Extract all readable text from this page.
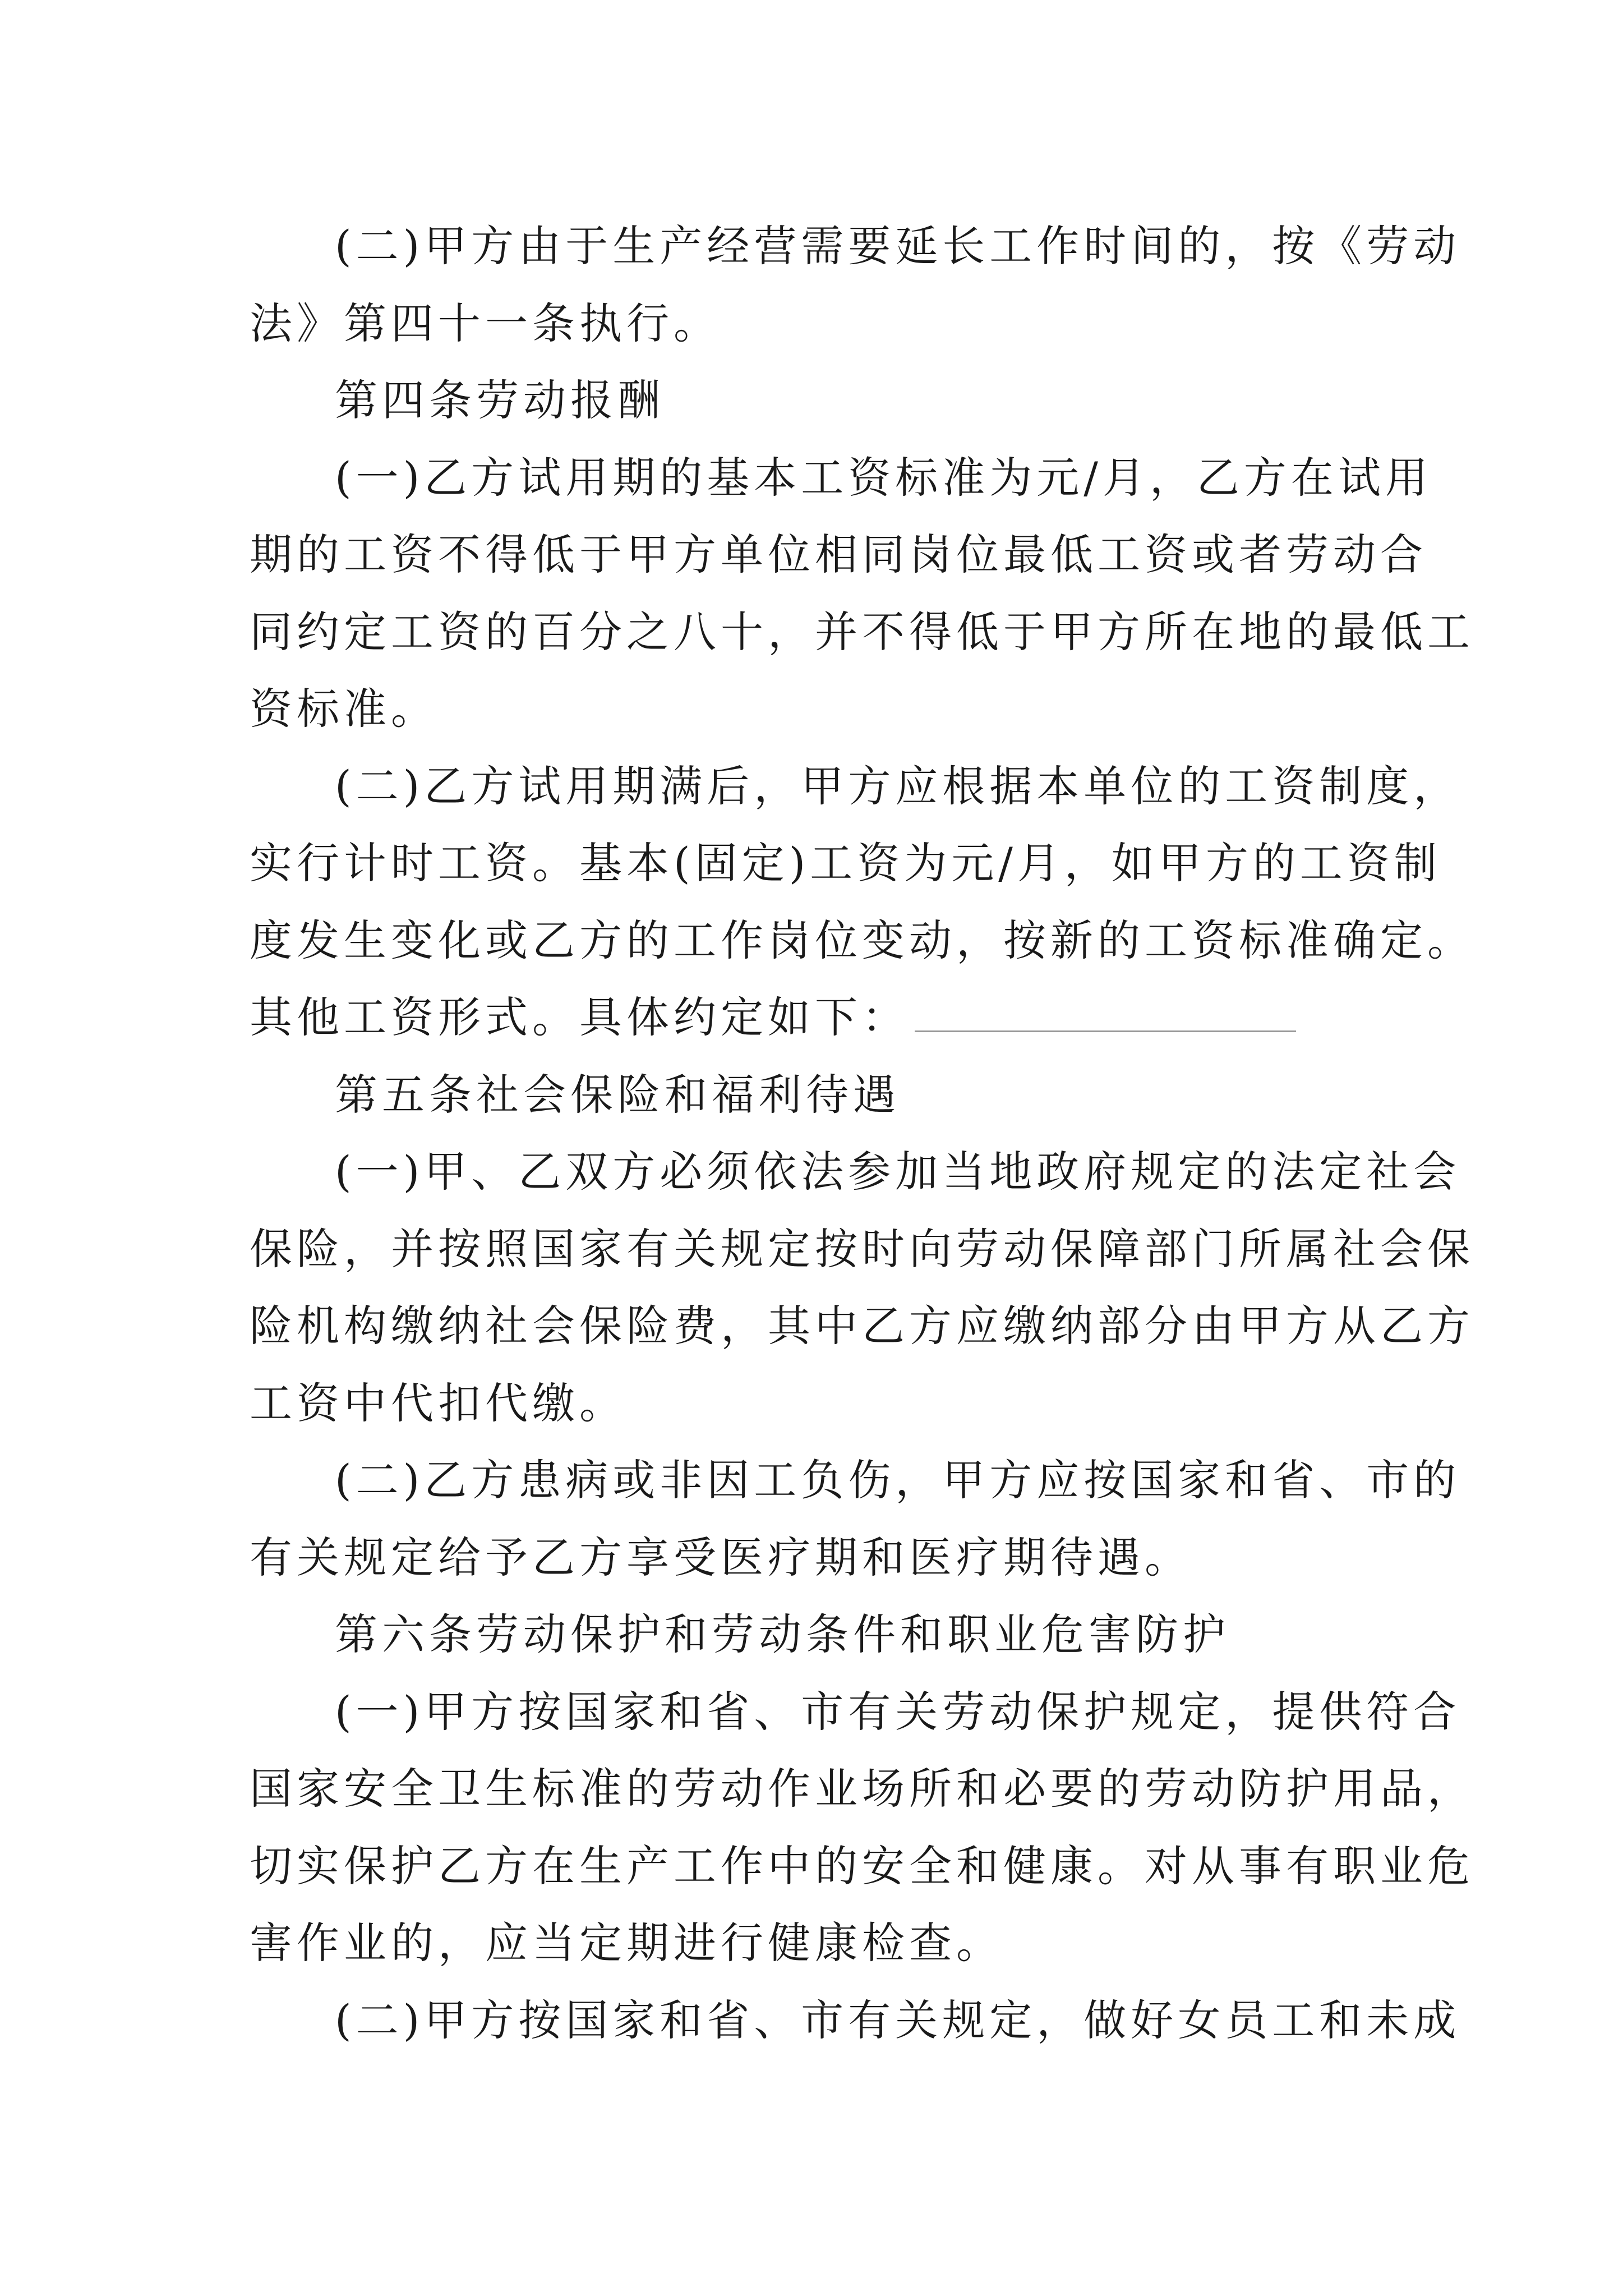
(二)甲方由于生产经营需要延长工作时间的，按《劳动
法》第四十一条执行。
第四条劳动报酬
(一)乙方试用期的基本工资标准为元/月，乙方在试用
期的工资不得低于甲方单位相同岗位最低工资或者劳动合
同约定工资的百分之八十，并不得低于甲方所在地的最低工
资标准。
(二)乙方试用期满后，甲方应根据本单位的工资制度，
实行计时工资。基本(固定)工资为元/月，如甲方的工资制
度发生变化或乙方的工作岗位变动，按新的工资标准确定。
其他工资形式。具体约定如下：
第五条社会保险和福利待遇
(一)甲、乙双方必须依法参加当地政府规定的法定社会
保险，并按照国家有关规定按时向劳动保障部门所属社会保
险机构缴纳社会保险费，其中乙方应缴纳部分由甲方从乙方
工资中代扣代缴。
(二)乙方患病或非因工负伤，甲方应按国家和省、市的
有关规定给予乙方享受医疗期和医疗期待遇。
第六条劳动保护和劳动条件和职业危害防护
(一)甲方按国家和省、市有关劳动保护规定，提供符合
国家安全卫生标准的劳动作业场所和必要的劳动防护用品，
切实保护乙方在生产工作中的安全和健康。对从事有职业危
害作业的，应当定期进行健康检查。
(二)甲方按国家和省、市有关规定，做好女员工和未成
